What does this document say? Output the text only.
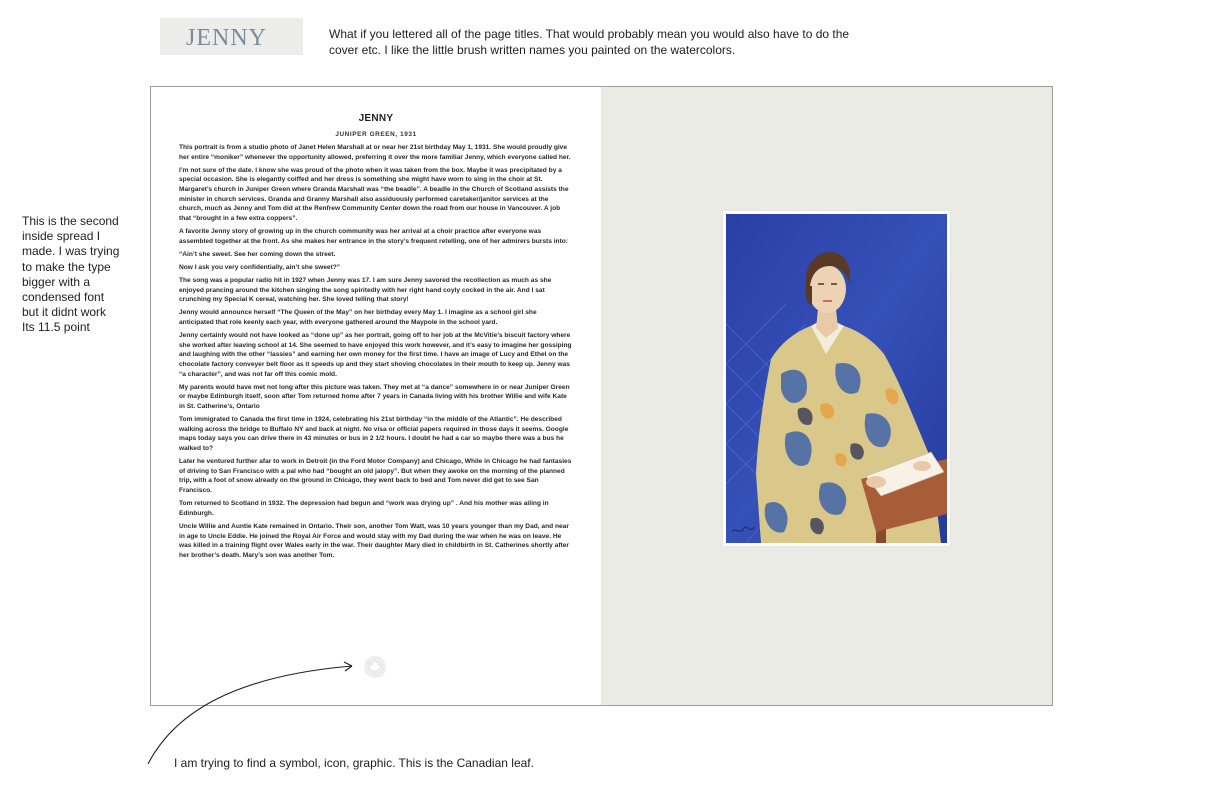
JENNY	What if you lettered all of the page titles. That would probably mean you would also have to do the cover etc. I like the little brush written names you painted on the watercolors.
This is the second inside spread I made. I was trying to make the type bigger with a condensed font but it didnt work Its 11.5 point
I am trying to find a symbol, icon, graphic. This is the Canadian leaf.
JENNY
JUNIPER GREEN, 1931

This portrait is from a studio photo of Janet Helen Marshall at or near her 21st birthday May 1, 1931. She would proudly give her entire “moniker” whenever the opportunity allowed, preferring it over the more familiar Jenny, which everyone called her.

I’m not sure of the date. I know she was proud of the photo when it was taken from the box. Maybe it was precipitated by a special occasion. She is elegantly coiffed and her dress is something she might have worn to sing in the choir at St. Margaret’s church in Juniper Green where Granda Marshall was “the beadle”. A beadle in the Church of Scotland assists the minister in church services. Granda and Granny Marshall also assiduously performed caretaker/janitor services at the church, much as Jenny and Tom did at the Renfrew Community Center down the road from our house in Vancouver. A job that “brought in a few extra coppers”.

A favorite Jenny story of growing up in the church community was her arrival at a choir practice after everyone was assembled together at the front. As she makes her entrance in the story’s frequent retelling, one of her admirers bursts into:

“Ain’t she sweet. See her coming down the street.

Now I ask you very confidentially, ain’t she sweet?”

The song was a popular radio hit in 1927 when Jenny was 17. I am sure Jenny savored the recollection as much as she enjoyed prancing around the kitchen singing the song spiritedly with her right hand coyly cocked in the air. And I sat crunching my Special K cereal, watching her. She loved telling that story!

Jenny would announce herself “The Queen of the May” on her birthday every May 1. I imagine as a school girl she anticipated that role keenly each year, with everyone gathered around the Maypole in the school yard.

Jenny certainly would not have looked as “done up” as her portrait, going off to her job at the McVitie’s biscuit factory where she worked after leaving school at 14. She seemed to have enjoyed this work however, and it’s easy to imagine her gossiping and laughing with the other “lassies” and earning her own money for the first time. I have an image of Lucy and Ethel on the chocolate factory conveyer belt floor as it speeds up and they start shoving chocolates in their mouth to keep up. Jenny was “a character”, and was not far off this comic mold.

My parents would have met not long after this picture was taken. They met at “a dance” somewhere in or near Juniper Green or maybe Edinburgh itself, soon after Tom returned home after 7 years in Canada living with his brother Willie and wife Kate in St. Catherine’s, Ontario

Tom immigrated to Canada the first time in 1924, celebrating his 21st birthday “in the middle of the Atlantic”. He described walking across the bridge to Buffalo NY and back at night. No visa or official papers required in those days it seems. Google maps today says you can drive there in 43 minutes or bus in 2 1/2 hours. I doubt he had a car so maybe there was a bus he walked to?

Later he ventured further afar to work in Detroit (in the Ford Motor Company) and Chicago, While in Chicago he had fantasies of driving to San Francisco with a pal who had “bought an old jalopy”. But when they awoke on the morning of the planned trip, with a foot of snow already on the ground in Chicago, they went back to bed and Tom never did get to see San Francisco.

Tom returned to Scotland in 1932. The depression had begun and “work was drying up” . And his mother was ailing in Edinburgh.

Uncle Willie and Auntie Kate remained in Ontario. Their son, another Tom Watt, was 10 years younger than my Dad, and near in age to Uncle Eddie. He joined the Royal Air Force and would stay with my Dad during the war when he was on leave. He was killed in a training flight over Wales early in the war. Their daughter Mary died in childbirth in St. Catherines shortly after her brother’s death. Mary’s son was another Tom.
